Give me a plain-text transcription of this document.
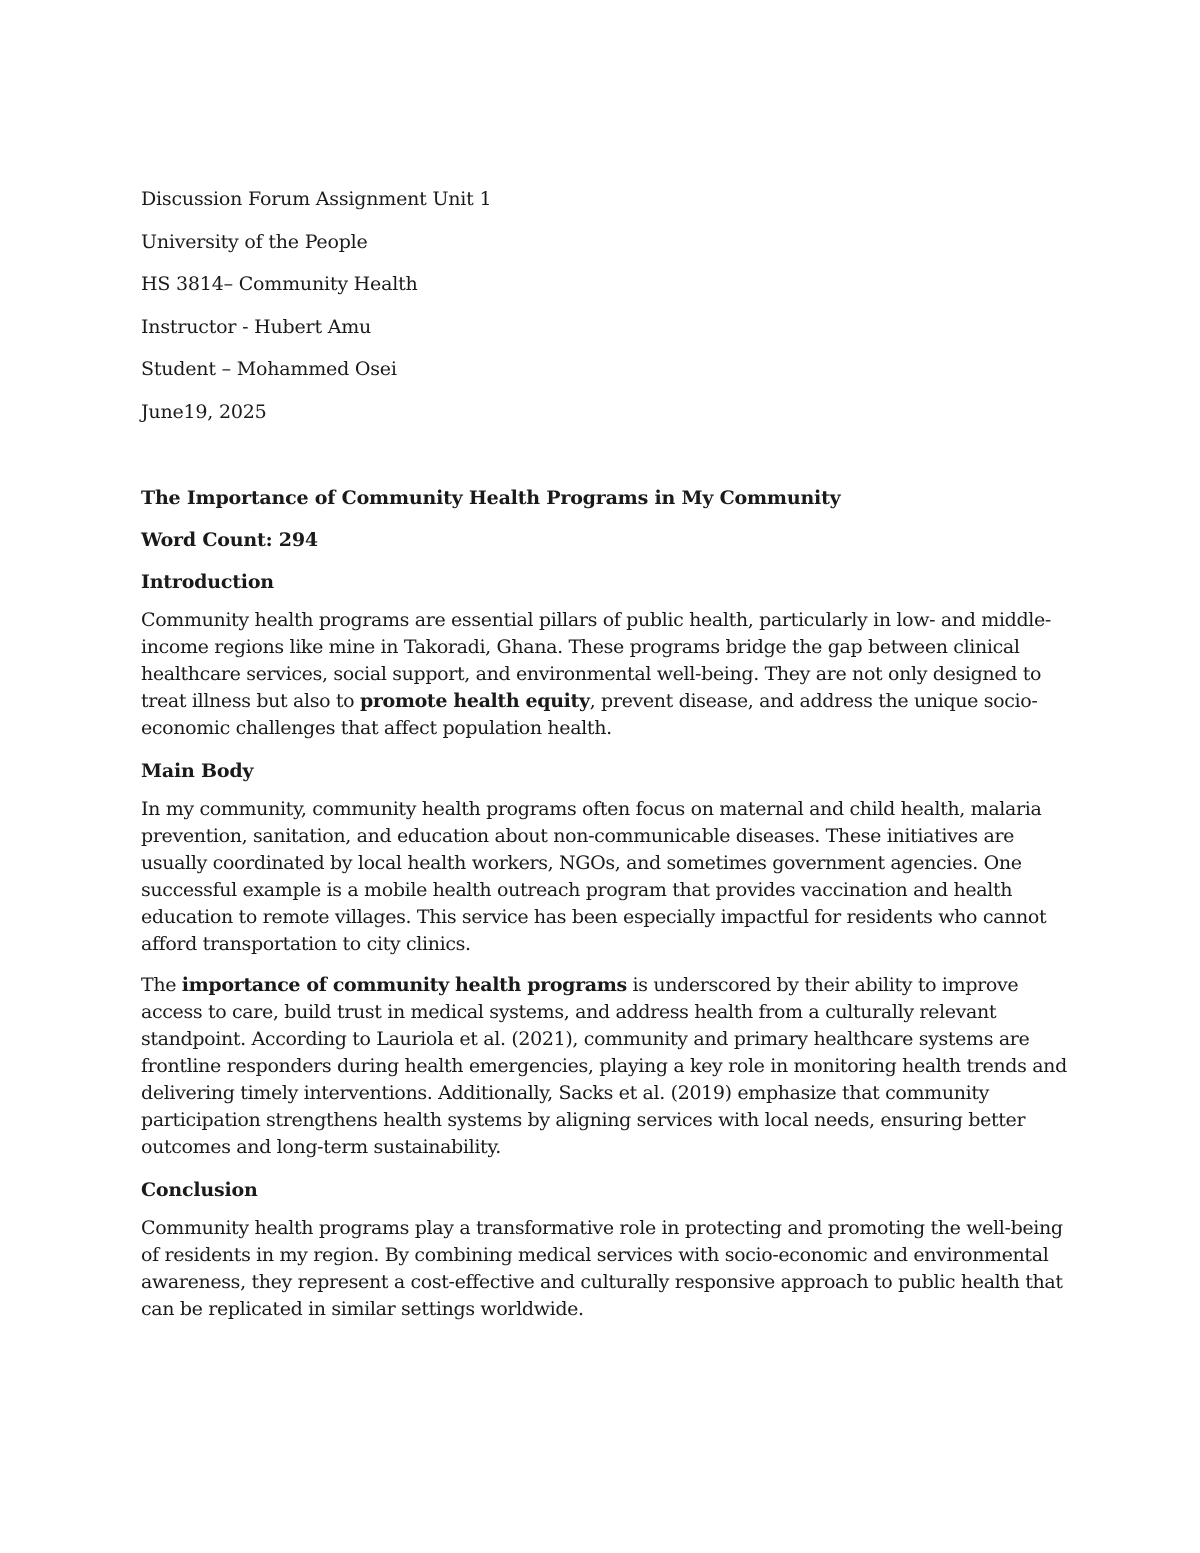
Discussion Forum Assignment Unit 1
University of the People
HS 3814– Community Health
Instructor - Hubert Amu
Student – Mohammed Osei
June19, 2025
The Importance of Community Health Programs in My Community
Word Count: 294
Introduction

Community health programs are essential pillars of public health, particularly in low- and middle-income regions like mine in Takoradi, Ghana. These programs bridge the gap between clinical healthcare services, social support, and environmental well-being. They are not only designed to treat illness but also to promote health equity, prevent disease, and address the unique socio-economic challenges that affect population health.

Main Body

In my community, community health programs often focus on maternal and child health, malaria prevention, sanitation, and education about non-communicable diseases. These initiatives are usually coordinated by local health workers, NGOs, and sometimes government agencies. One successful example is a mobile health outreach program that provides vaccination and health education to remote villages. This service has been especially impactful for residents who cannot afford transportation to city clinics.

The importance of community health programs is underscored by their ability to improve access to care, build trust in medical systems, and address health from a culturally relevant standpoint. According to Lauriola et al. (2021), community and primary healthcare systems are frontline responders during health emergencies, playing a key role in monitoring health trends and delivering timely interventions. Additionally, Sacks et al. (2019) emphasize that community participation strengthens health systems by aligning services with local needs, ensuring better outcomes and long-term sustainability.

Conclusion

Community health programs play a transformative role in protecting and promoting the well-being of residents in my region. By combining medical services with socio-economic and environmental awareness, they represent a cost-effective and culturally responsive approach to public health that can be replicated in similar settings worldwide.
